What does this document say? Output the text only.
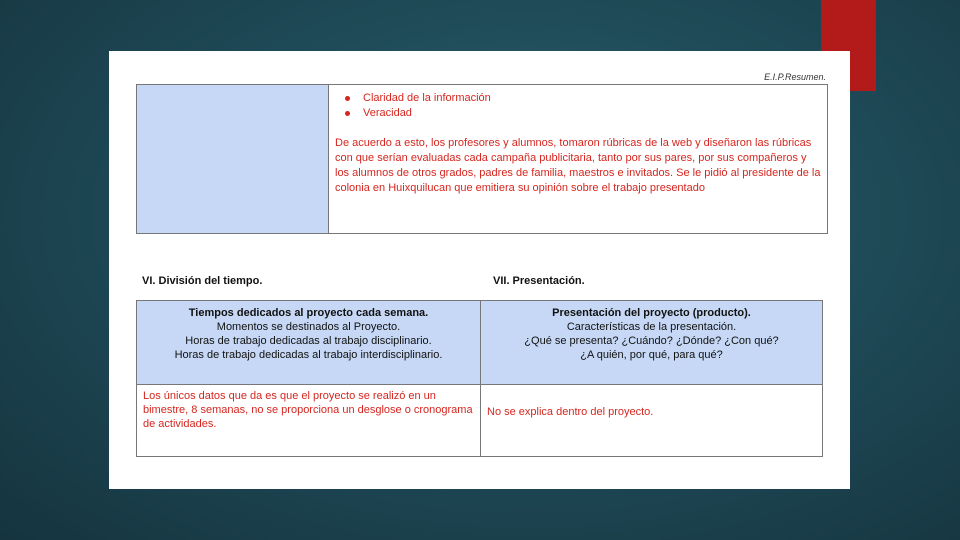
E.I.P.Resumen.
Claridad de la información
Veracidad

De acuerdo a esto, los profesores y alumnos, tomaron rúbricas de la web y diseñaron las rúbricas con que serían evaluadas cada campaña publicitaria, tanto por sus pares, por sus compañeros y los alumnos de otros grados, padres de familia, maestros e invitados. Se le pidió al presidente de la colonia en Huixquilucan que emitiera su opinión sobre el trabajo presentado

VI. División del tiempo.	VII. Presentación.
Tiempos dedicados al proyecto cada semana.
Momentos se destinados al Proyecto.
Horas de trabajo dedicadas al trabajo disciplinario.
Horas de trabajo dedicadas al trabajo interdisciplinario.
Presentación del proyecto (producto).
Características de la presentación.
¿Qué se presenta? ¿Cuándo? ¿Dónde? ¿Con qué?
¿A quién, por qué, para qué?
Los únicos datos que da es que el proyecto se realizó en un bimestre, 8 semanas, no se proporciona un desglose o cronograma de actividades.
No se explica dentro del proyecto.
